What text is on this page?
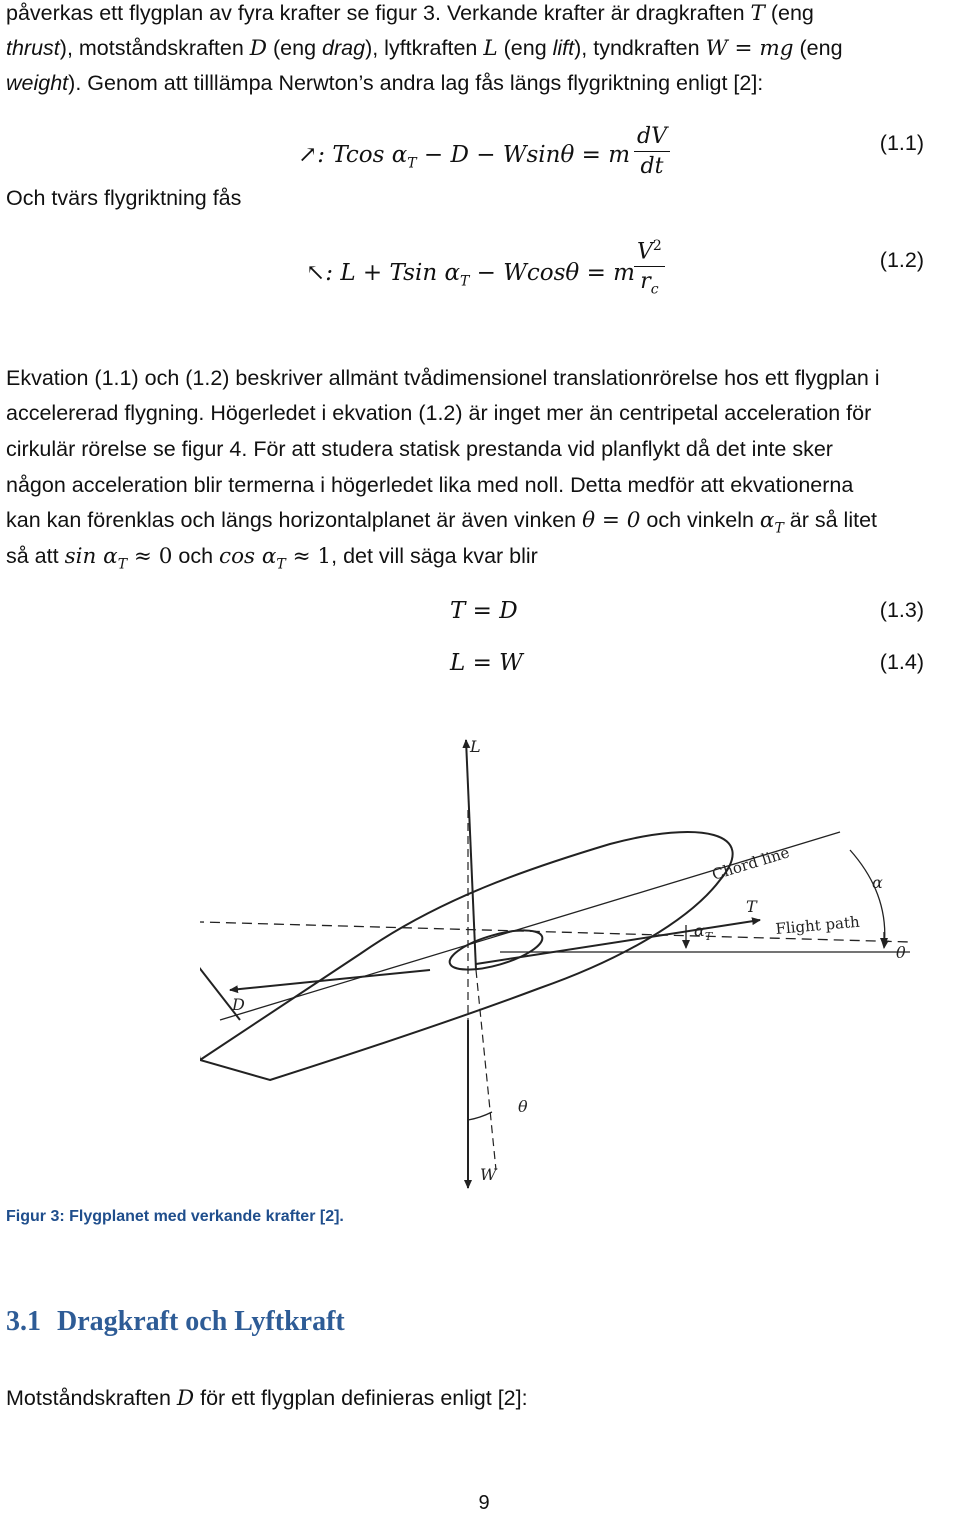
påverkas ett flygplan av fyra krafter se figur 3. Verkande krafter är dragkraften T (eng
thrust), motståndskraften D (eng drag), lyftkraften L (eng lift), tyndkraften W = mg (eng
weight). Genom att tilllämpa Nerwton’s andra lag fås längs flygriktning enligt [2]:
↗: Tcos $\alpha_T - D - Wsin\theta = m \frac{dV}{dt}$	(1.1)
Och tvärs flygriktning fås
↖: L + Tsin $\alpha_T - Wcos\theta = m \frac{V^2}{r_c}$	(1.2)
Ekvation (1.1) och (1.2) beskriver allmänt tvådimensionel translationrörelse hos ett flygplan i
accelererad flygning. Högerledet i ekvation (1.2) är inget mer än centripetal acceleration för
cirkulär rörelse se figur 4. För att studera statisk prestanda vid planflykt då det inte sker
någon acceleration blir termerna i högerledet lika med noll. Detta medför att ekvationerna
kan kan förenklas och längs horizontalplanet är även vinken θ = 0 och vinkeln $\alpha_T$ är så litet
så att $\sin \alpha_T \approx 0$ och $\cos \alpha_T \approx 1$, det vill säga kvar blir
T = D	(1.3)
L = W	(1.4)
L
W
D
T
α
$\alpha_T$
θ
θ
Chord line
Flight path
Figur 3: Flygplanet med verkande krafter [2].
3.1 Dragkraft och Lyftkraft
Motståndskraften D för ett flygplan definieras enligt [2]:
9
